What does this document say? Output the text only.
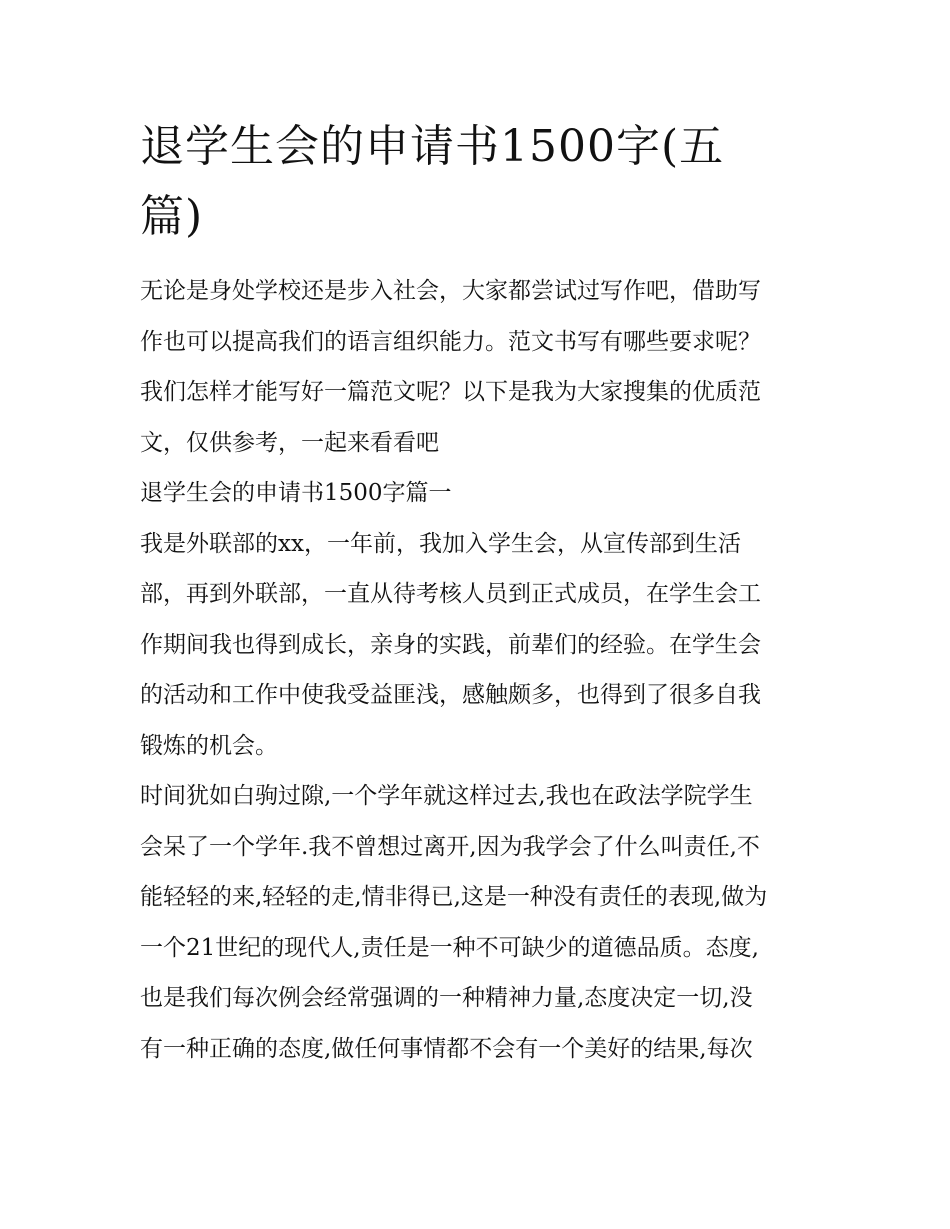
退学生会的申请书1500字(五
篇)

无论是身处学校还是步入社会，大家都尝试过写作吧，借助写
作也可以提高我们的语言组织能力。范文书写有哪些要求呢？
我们怎样才能写好一篇范文呢？以下是我为大家搜集的优质范
文，仅供参考，一起来看看吧

退学生会的申请书1500字篇一

我是外联部的xx，一年前，我加入学生会，从宣传部到生活
部，再到外联部，一直从待考核人员到正式成员，在学生会工
作期间我也得到成长，亲身的实践，前辈们的经验。在学生会
的活动和工作中使我受益匪浅，感触颇多，也得到了很多自我
锻炼的机会。

时间犹如白驹过隙,一个学年就这样过去,我也在政法学院学生
会呆了一个学年.我不曾想过离开,因为我学会了什么叫责任,不
能轻轻的来,轻轻的走,情非得已,这是一种没有责任的表现,做为
一个21世纪的现代人,责任是一种不可缺少的道德品质。态度,
也是我们每次例会经常强调的一种精神力量,态度决定一切,没
有一种正确的态度,做任何事情都不会有一个美好的结果,每次
